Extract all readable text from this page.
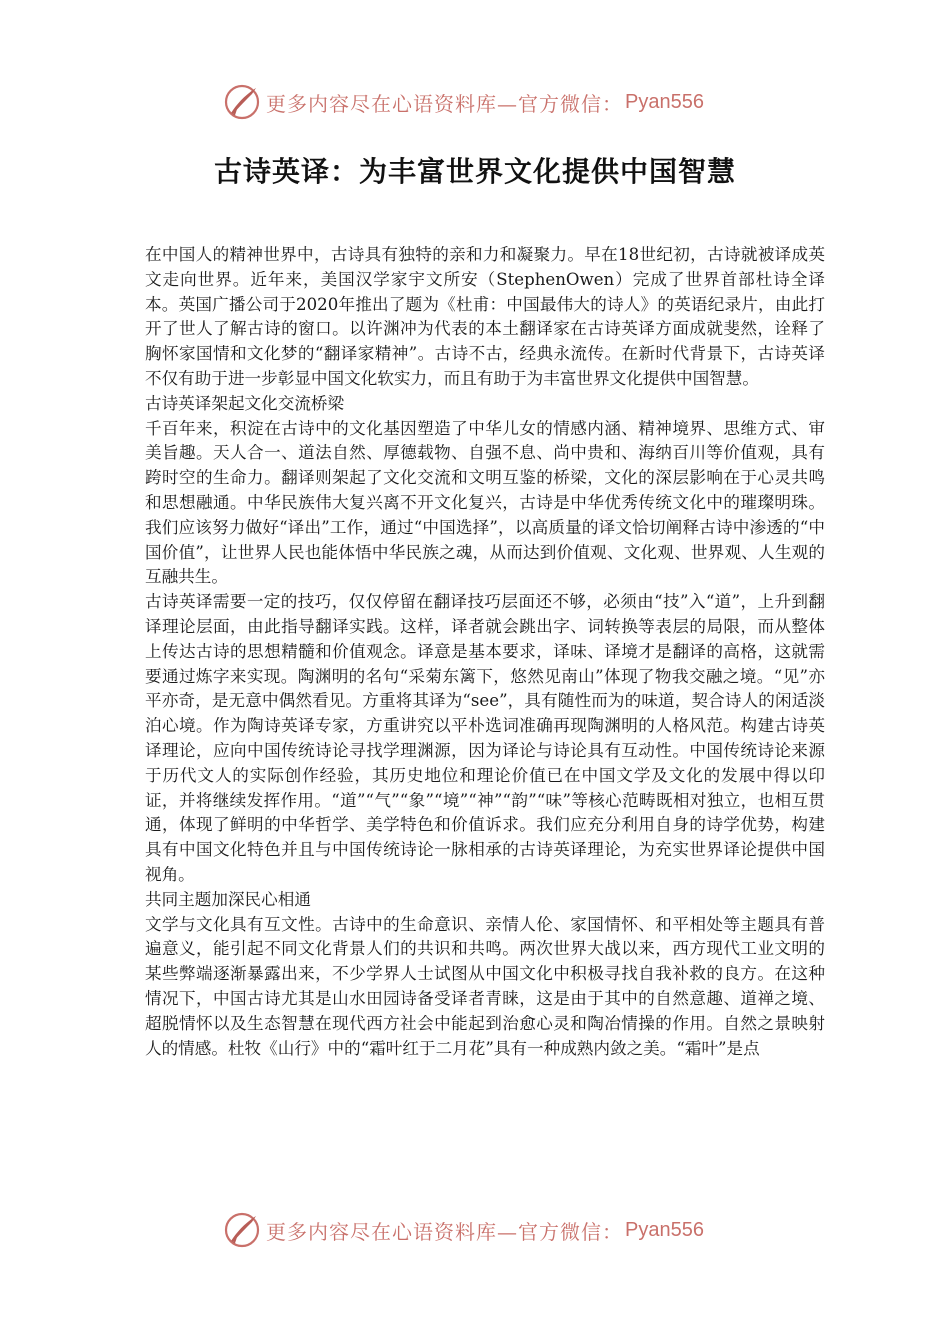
更多内容尽在心语资料库—官方微信： Pyan556
古诗英译：为丰富世界文化提供中国智慧

在中国人的精神世界中，古诗具有独特的亲和力和凝聚力。早在18世纪初，古诗就被译成英文走向世界。近年来，美国汉学家宇文所安（StephenOwen）完成了世界首部杜诗全译本。英国广播公司于2020年推出了题为《杜甫：中国最伟大的诗人》的英语纪录片，由此打开了世人了解古诗的窗口。以许渊冲为代表的本土翻译家在古诗英译方面成就斐然，诠释了胸怀家国情和文化梦的“翻译家精神”。古诗不古，经典永流传。在新时代背景下，古诗英译不仅有助于进一步彰显中国文化软实力，而且有助于为丰富世界文化提供中国智慧。

古诗英译架起文化交流桥梁

千百年来，积淀在古诗中的文化基因塑造了中华儿女的情感内涵、精神境界、思维方式、审美旨趣。天人合一、道法自然、厚德载物、自强不息、尚中贵和、海纳百川等价值观，具有跨时空的生命力。翻译则架起了文化交流和文明互鉴的桥梁，文化的深层影响在于心灵共鸣和思想融通。中华民族伟大复兴离不开文化复兴，古诗是中华优秀传统文化中的璀璨明珠。我们应该努力做好“译出”工作，通过“中国选择”，以高质量的译文恰切阐释古诗中渗透的“中国价值”，让世界人民也能体悟中华民族之魂，从而达到价值观、文化观、世界观、人生观的互融共生。

古诗英译需要一定的技巧，仅仅停留在翻译技巧层面还不够，必须由“技”入“道”，上升到翻译理论层面，由此指导翻译实践。这样，译者就会跳出字、词转换等表层的局限，而从整体上传达古诗的思想精髓和价值观念。译意是基本要求，译味、译境才是翻译的高格，这就需要通过炼字来实现。陶渊明的名句“采菊东篱下，悠然见南山”体现了物我交融之境。“见”亦平亦奇，是无意中偶然看见。方重将其译为“see”，具有随性而为的味道，契合诗人的闲适淡泊心境。作为陶诗英译专家，方重讲究以平朴选词准确再现陶渊明的人格风范。构建古诗英译理论，应向中国传统诗论寻找学理渊源，因为译论与诗论具有互动性。中国传统诗论来源于历代文人的实际创作经验，其历史地位和理论价值已在中国文学及文化的发展中得以印证，并将继续发挥作用。“道”“气”“象”“境”“神”“韵”“味”等核心范畴既相对独立，也相互贯通，体现了鲜明的中华哲学、美学特色和价值诉求。我们应充分利用自身的诗学优势，构建具有中国文化特色并且与中国传统诗论一脉相承的古诗英译理论，为充实世界译论提供中国视角。

共同主题加深民心相通

文学与文化具有互文性。古诗中的生命意识、亲情人伦、家国情怀、和平相处等主题具有普遍意义，能引起不同文化背景人们的共识和共鸣。两次世界大战以来，西方现代工业文明的某些弊端逐渐暴露出来，不少学界人士试图从中国文化中积极寻找自我补救的良方。在这种情况下，中国古诗尤其是山水田园诗备受译者青睐，这是由于其中的自然意趣、道禅之境、超脱情怀以及生态智慧在现代西方社会中能起到治愈心灵和陶冶情操的作用。自然之景映射人的情感。杜牧《山行》中的“霜叶红于二月花”具有一种成熟内敛之美。“霜叶”是点

更多内容尽在心语资料库—官方微信： Pyan556
